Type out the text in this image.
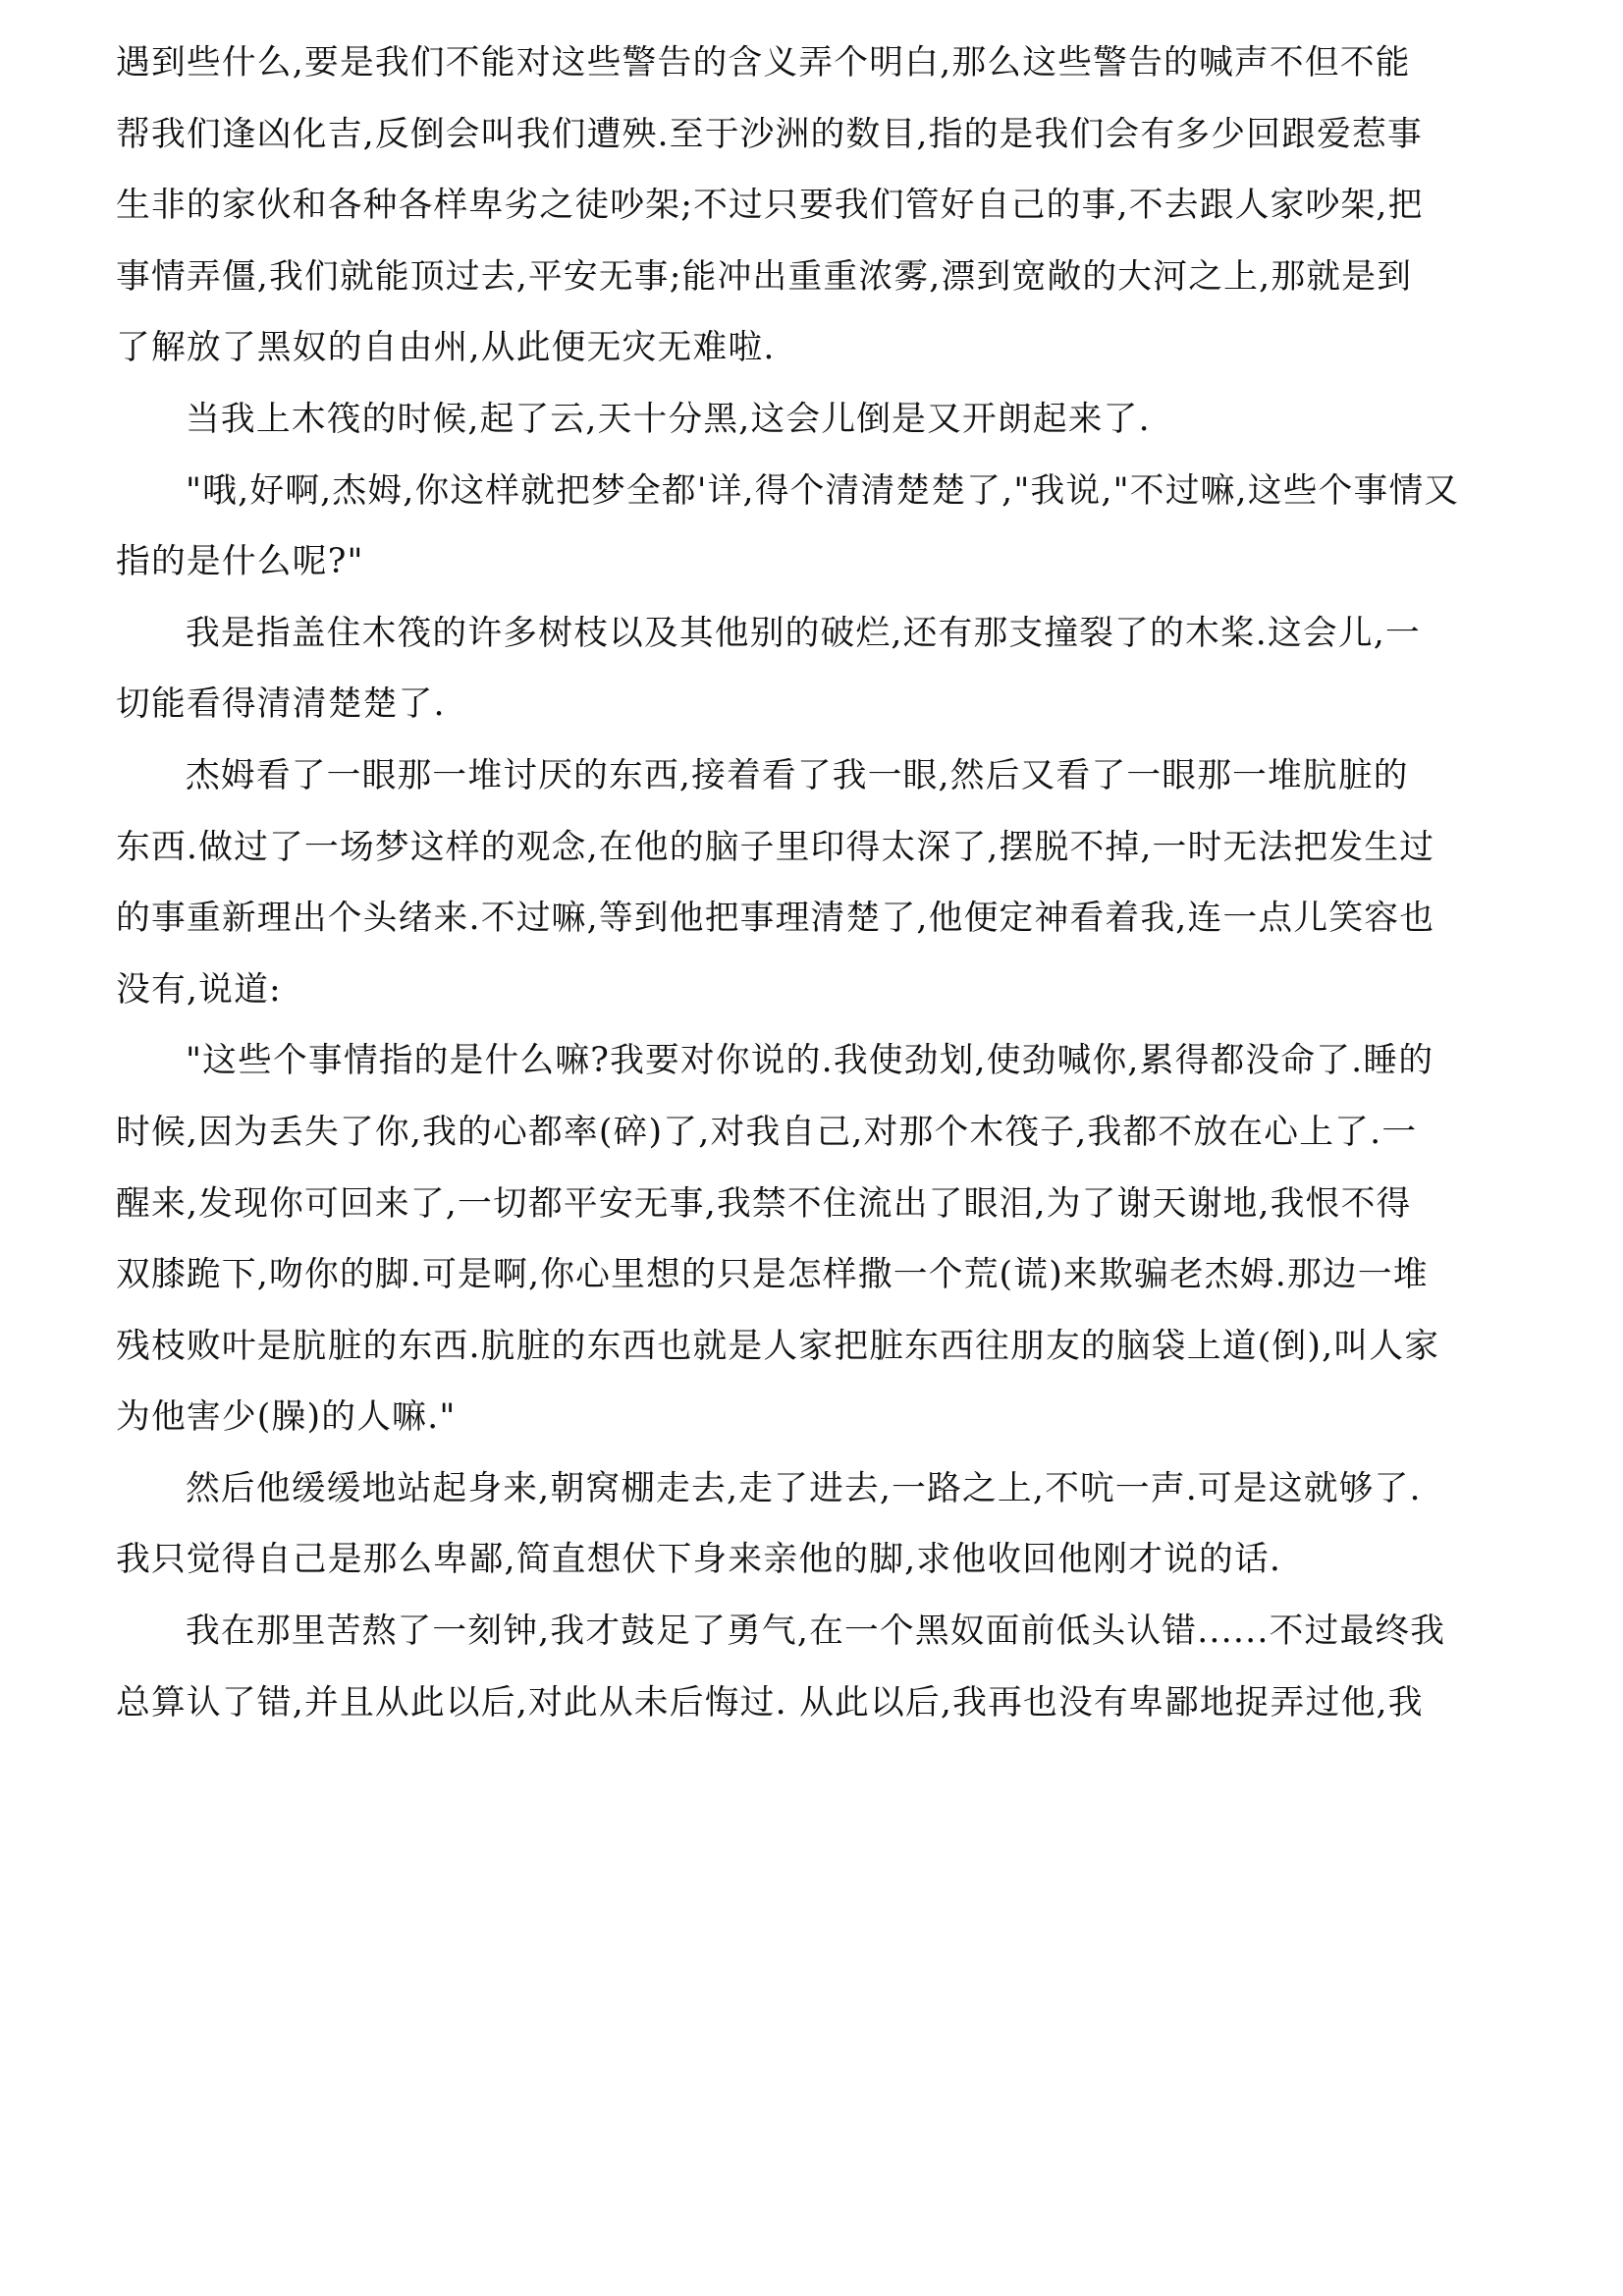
遇到些什么,要是我们不能对这些警告的含义弄个明白,那么这些警告的喊声不但不能
帮我们逢凶化吉,反倒会叫我们遭殃.至于沙洲的数目,指的是我们会有多少回跟爱惹事
生非的家伙和各种各样卑劣之徒吵架;不过只要我们管好自己的事,不去跟人家吵架,把
事情弄僵,我们就能顶过去,平安无事;能冲出重重浓雾,漂到宽敞的大河之上,那就是到
了解放了黑奴的自由州,从此便无灾无难啦.
当我上木筏的时候,起了云,天十分黑,这会儿倒是又开朗起来了.
"哦,好啊,杰姆,你这样就把梦全都'详,得个清清楚楚了,"我说,"不过嘛,这些个事情又
指的是什么呢?"
我是指盖住木筏的许多树枝以及其他别的破烂,还有那支撞裂了的木桨.这会儿,一
切能看得清清楚楚了.
杰姆看了一眼那一堆讨厌的东西,接着看了我一眼,然后又看了一眼那一堆肮脏的
东西.做过了一场梦这样的观念,在他的脑子里印得太深了,摆脱不掉,一时无法把发生过
的事重新理出个头绪来.不过嘛,等到他把事理清楚了,他便定神看着我,连一点儿笑容也
没有,说道:
"这些个事情指的是什么嘛?我要对你说的.我使劲划,使劲喊你,累得都没命了.睡的
时候,因为丢失了你,我的心都率(碎)了,对我自己,对那个木筏子,我都不放在心上了.一
醒来,发现你可回来了,一切都平安无事,我禁不住流出了眼泪,为了谢天谢地,我恨不得
双膝跪下,吻你的脚.可是啊,你心里想的只是怎样撒一个荒(谎)来欺骗老杰姆.那边一堆
残枝败叶是肮脏的东西.肮脏的东西也就是人家把脏东西往朋友的脑袋上道(倒),叫人家
为他害少(臊)的人嘛."
然后他缓缓地站起身来,朝窝棚走去,走了进去,一路之上,不吭一声.可是这就够了.
我只觉得自己是那么卑鄙,简直想伏下身来亲他的脚,求他收回他刚才说的话.
我在那里苦熬了一刻钟,我才鼓足了勇气,在一个黑奴面前低头认错......不过最终我
总算认了错,并且从此以后,对此从未后悔过. 从此以后,我再也没有卑鄙地捉弄过他,我
